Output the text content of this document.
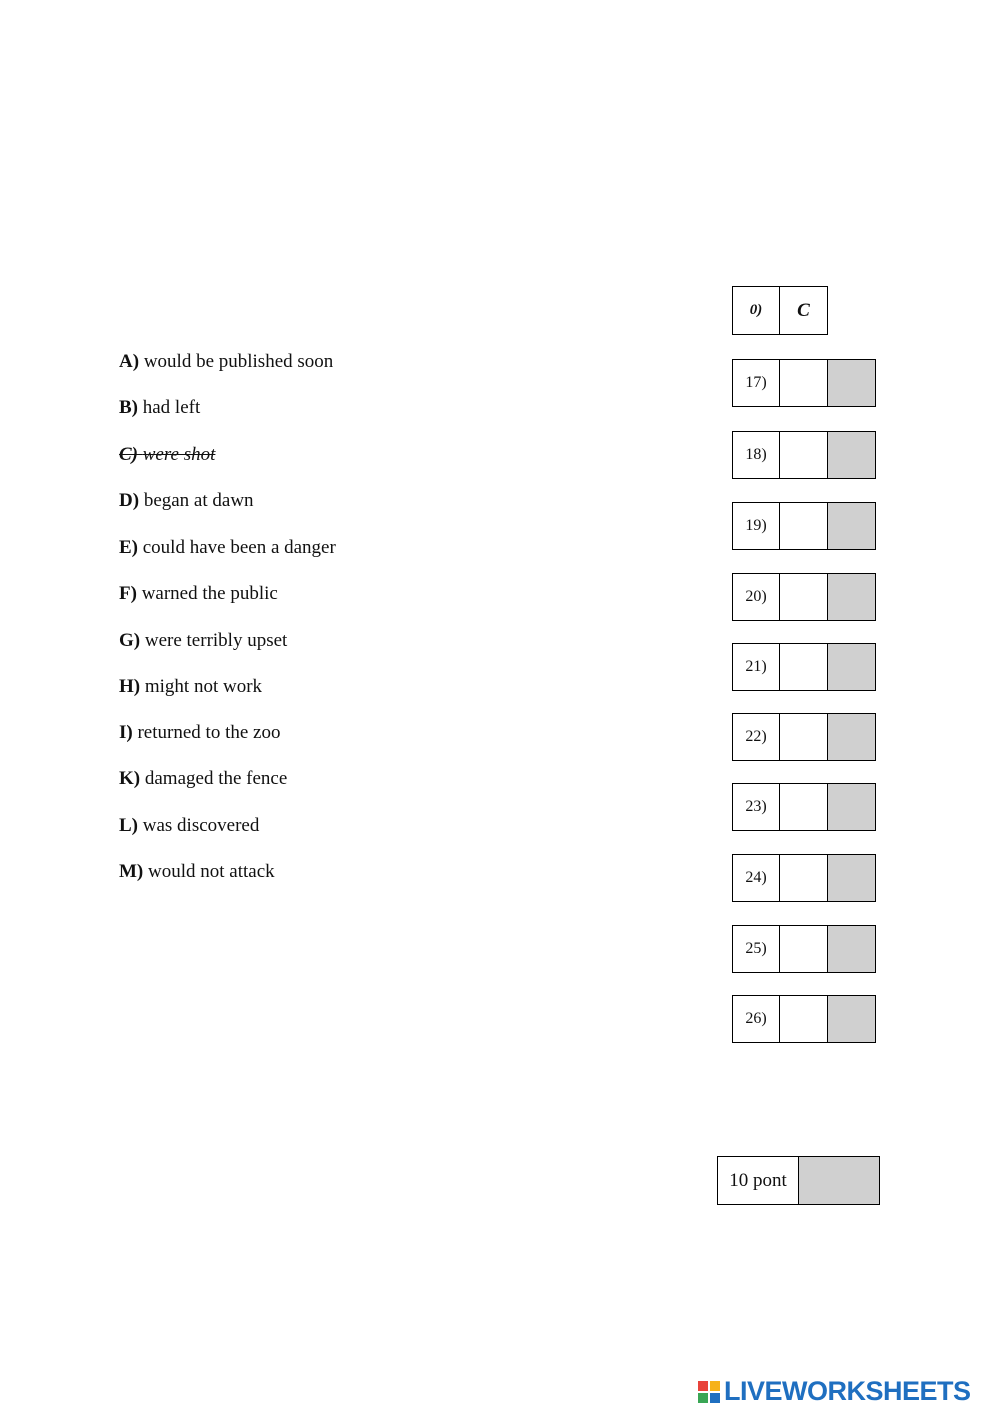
A) would be published soon
B) had left
C) were shot
D) began at dawn
E) could have been a danger
F) warned the public
G) were terribly upset
H) might not work
I) returned to the zoo
K) damaged the fence
L) was discovered
M) would not attack
0)	C
17)
18)
19)
20)
21)
22)
23)
24)
25)
26)
10 pont
LIVEWORKSHEETS
